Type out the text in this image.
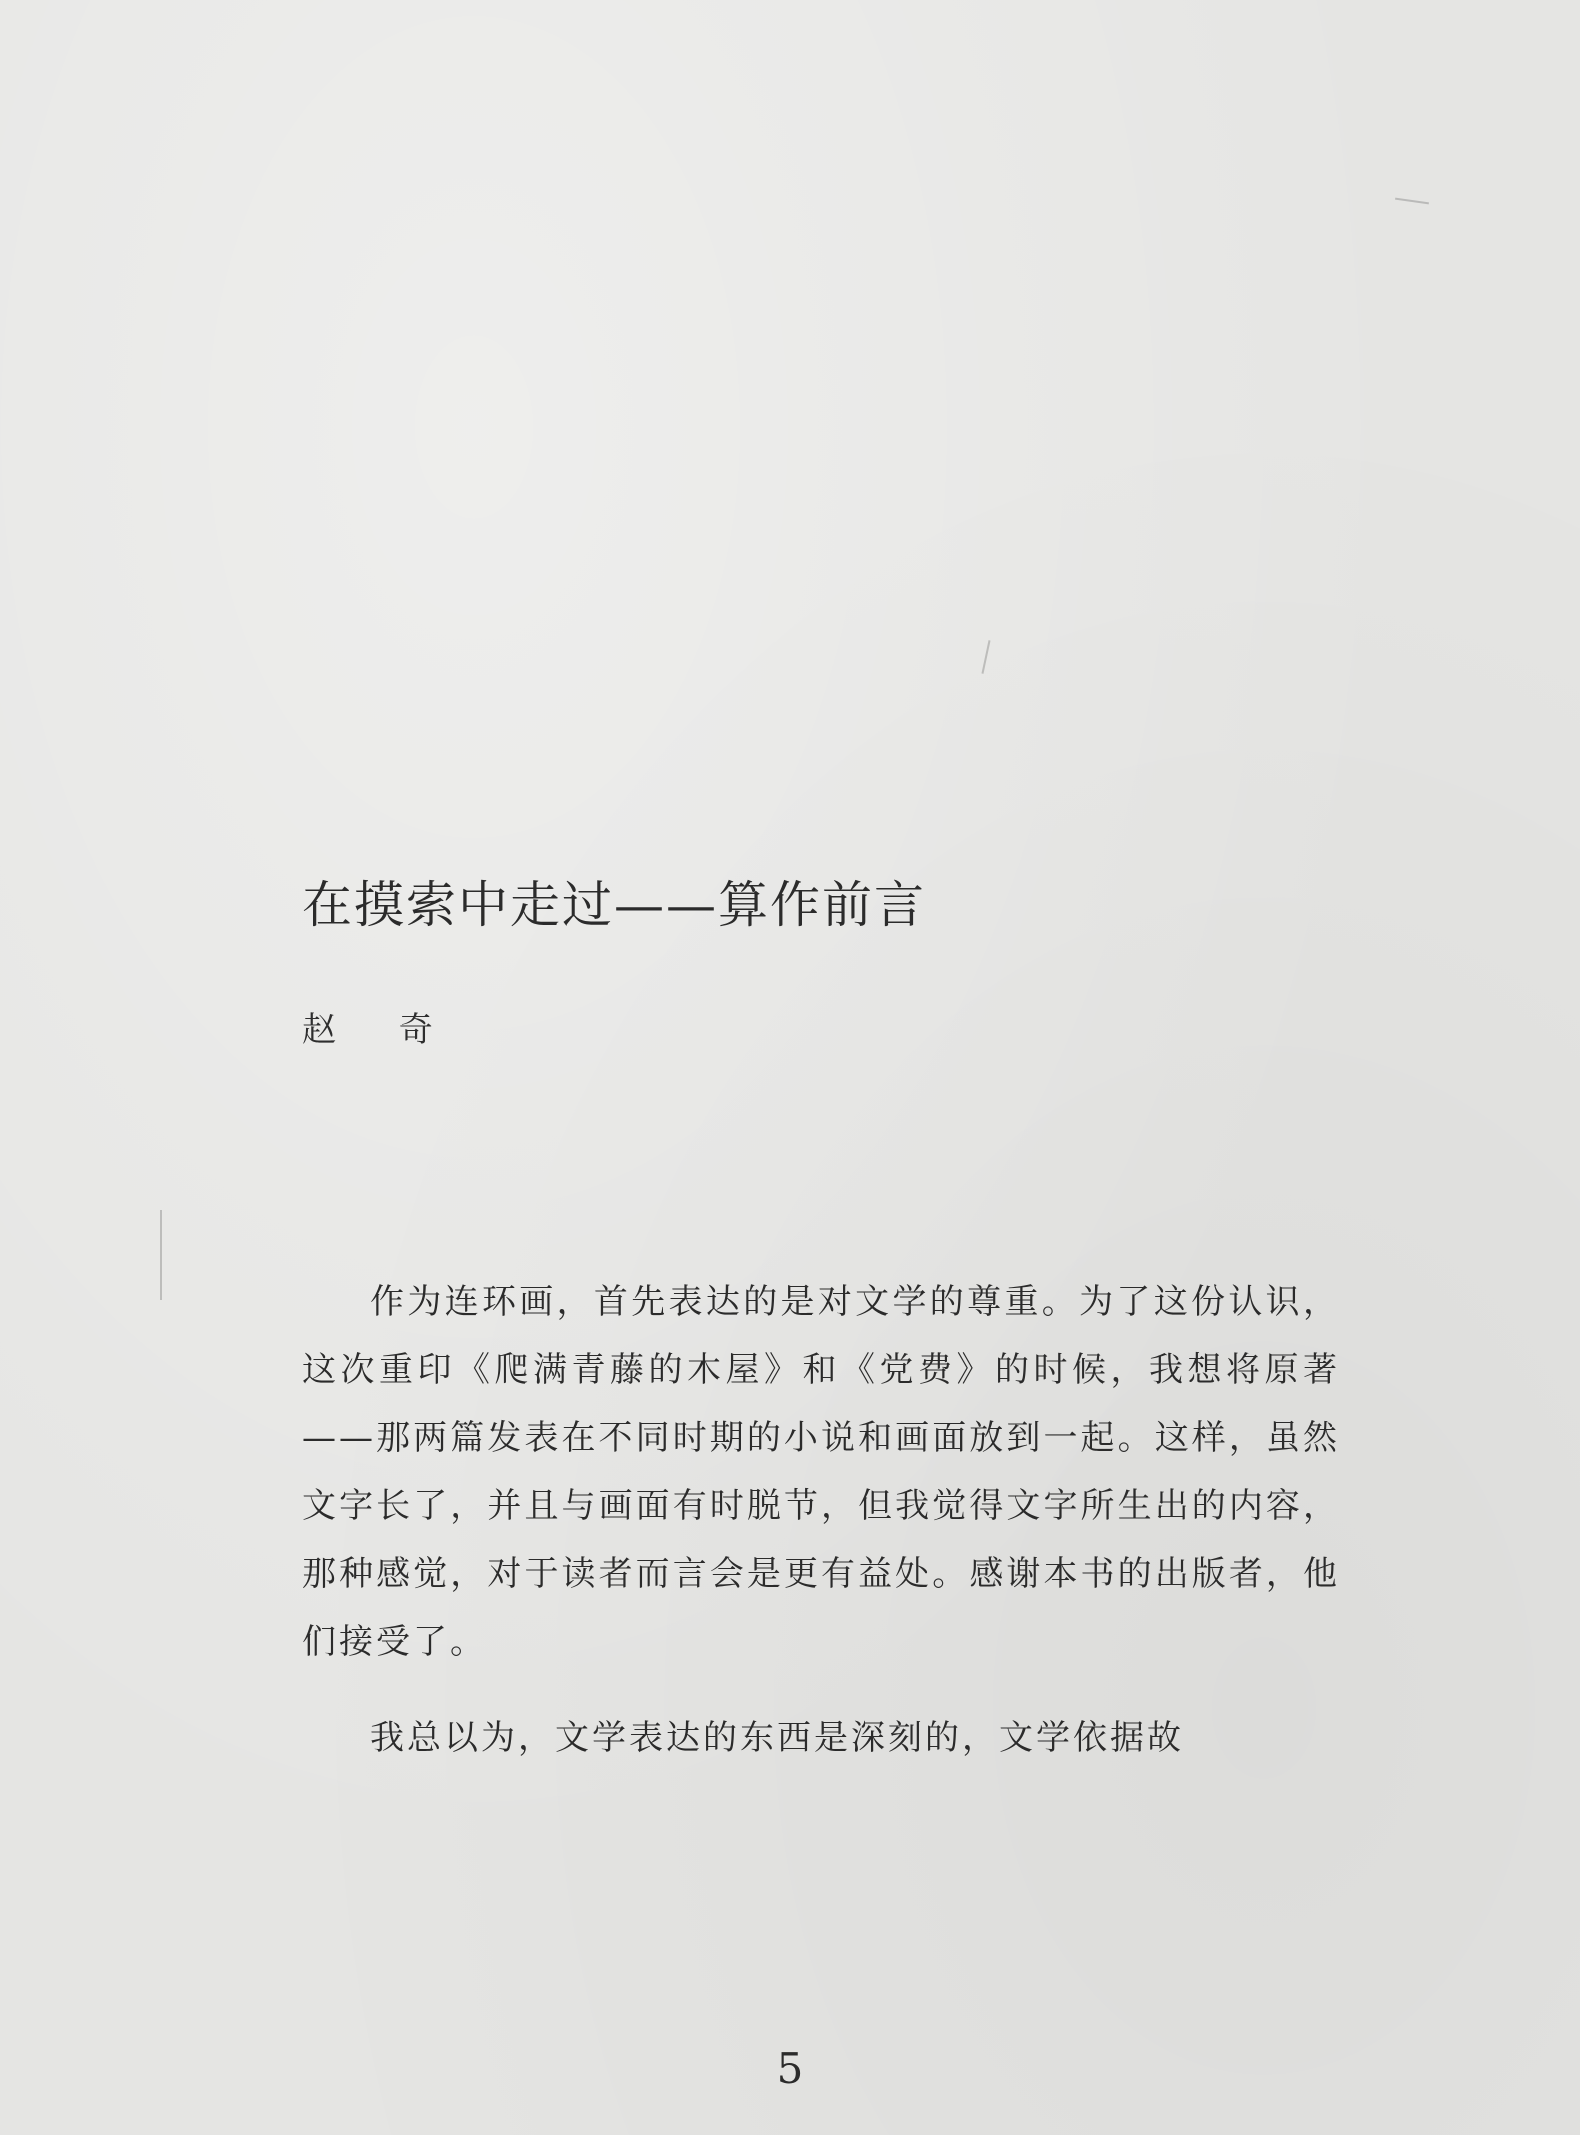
在摸索中走过——算作前言
赵 奇

作为连环画，首先表达的是对文学的尊重。为了这份认识，这次重印《爬满青藤的木屋》和《党费》的时候，我想将原著——那两篇发表在不同时期的小说和画面放到一起。这样，虽然文字长了，并且与画面有时脱节，但我觉得文字所生出的内容，那种感觉，对于读者而言会是更有益处。感谢本书的出版者，他们接受了。

我总以为，文学表达的东西是深刻的，文学依据故

5
